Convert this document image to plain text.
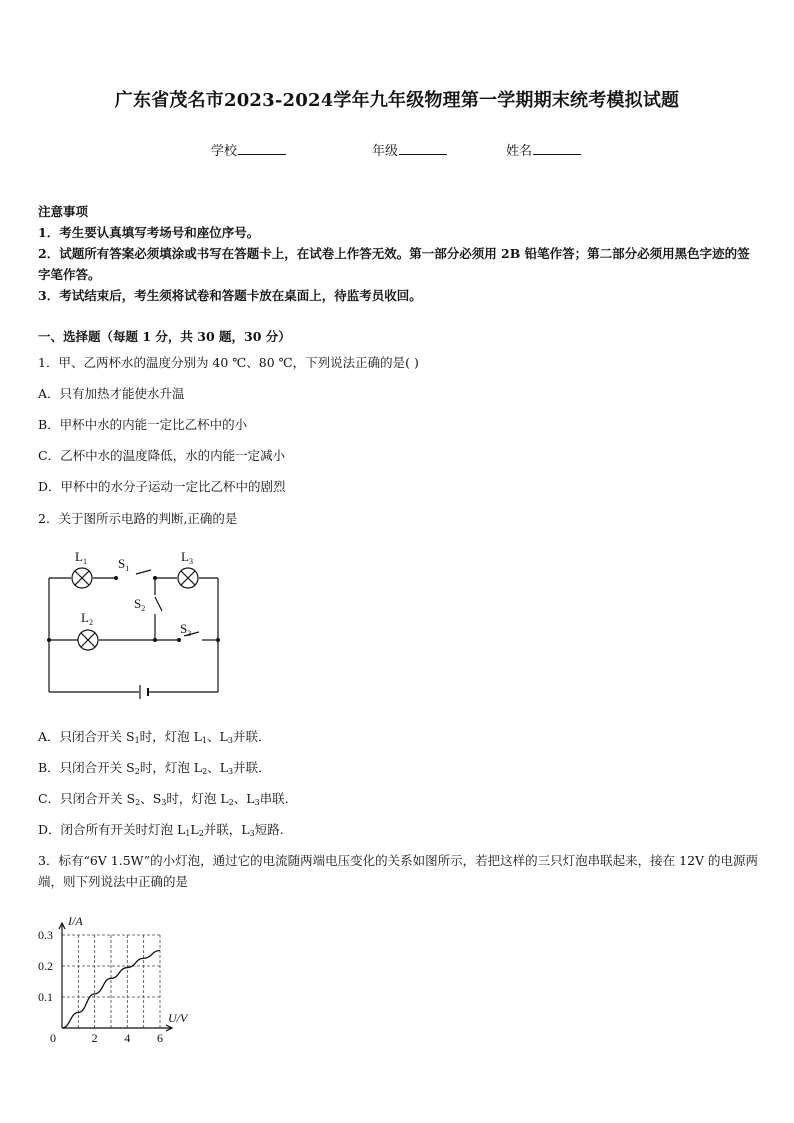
广东省茂名市2023-2024学年九年级物理第一学期期末统考模拟试题
学校	年级	姓名
注意事项
1．考生要认真填写考场号和座位序号。
2．试题所有答案必须填涂或书写在答题卡上，在试卷上作答无效。第一部分必须用 2B 铅笔作答；第二部分必须用黑色字迹的签字笔作答。
3．考试结束后，考生须将试卷和答题卡放在桌面上，待监考员收回。
一、选择题（每题 1 分，共 30 题，30 分）
1．甲、乙两杯水的温度分别为 40 ℃、80 ℃，下列说法正确的是( )
A．只有加热才能使水升温
B．甲杯中水的内能一定比乙杯中的小
C．乙杯中水的温度降低，水的内能一定减小
D．甲杯中的水分子运动一定比乙杯中的剧烈
2．关于图所示电路的判断,正确的是
$L_1$	$L_3$
$L_2$
$S_1$
$S_2$
$S_3$
A．只闭合开关 $S_1$时，灯泡 $L_1$、$L_3$并联．
B．只闭合开关 $S_2$时，灯泡 $L_2$、$L_3$并联．
C．只闭合开关 $S_2$、$S_3$时，灯泡 $L_2$、$L_3$串联．
D．闭合所有开关时灯泡 $L_1L_2$并联，$L_3$短路.
3．标有“6V 1.5W”的小灯泡，通过它的电流随两端电压变化的关系如图所示，若把这样的三只灯泡串联起来，接在 12V 的电源两端，则下列说法中正确的是
0	2 4 6
0.1
0.2
0.3
I/A
U/V
